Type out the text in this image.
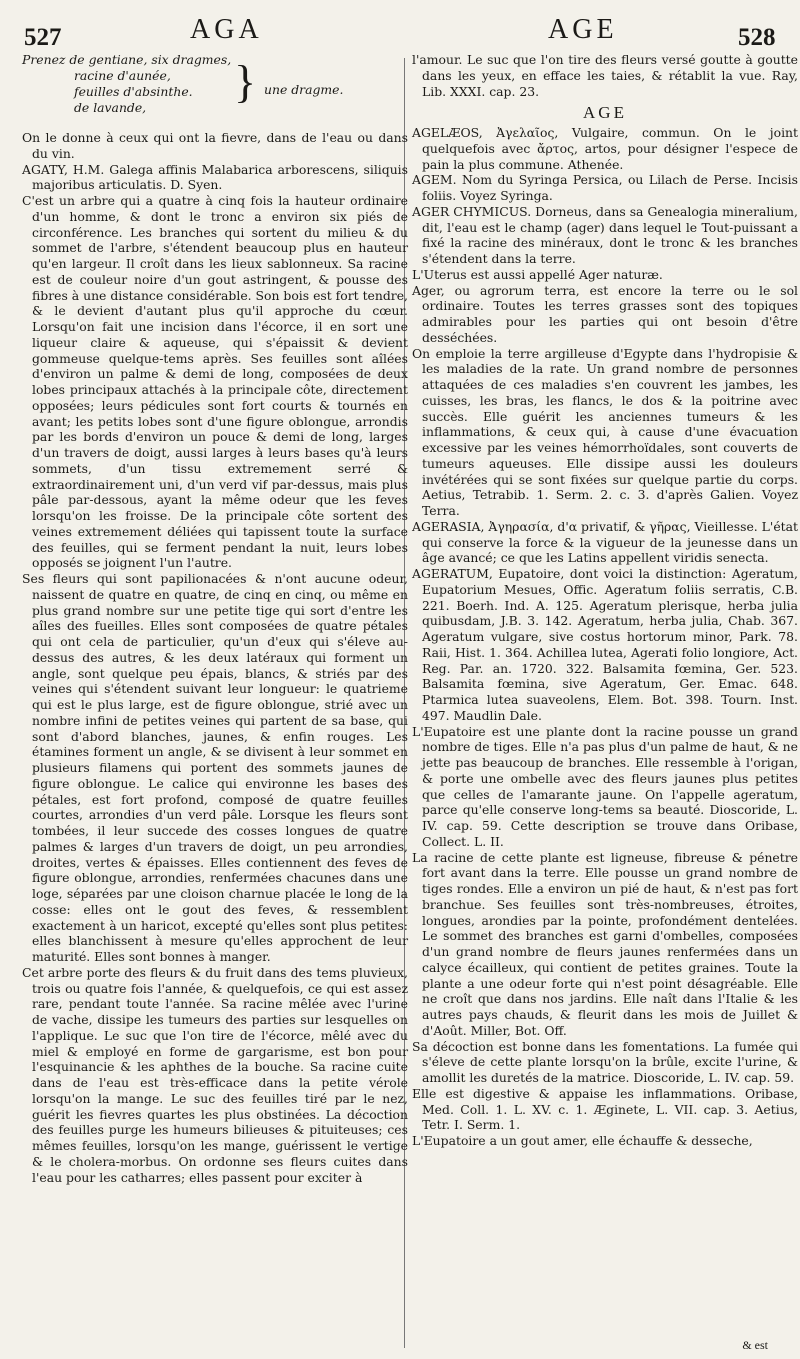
527	AGA	AGE	528
Prenez de gentiane, six dragmes,
racine d'aunée,
feuilles d'absinthe.
de lavande,
} une dragme.

On le donne à ceux qui ont la fievre, dans de l'eau ou dans du vin.

AGATY, H.M. Galega affinis Malabarica arborescens, siliquis majoribus articulatis. D. Syen.

C'est un arbre qui a quatre à cinq fois la hauteur ordinaire d'un homme, & dont le tronc a environ six piés de circonférence. Les branches qui sortent du milieu & du sommet de l'arbre, s'étendent beaucoup plus en hauteur qu'en largeur. Il croît dans les lieux sablonneux. Sa racine est de couleur noire d'un gout astringent, & pousse des fibres à une distance considérable. Son bois est fort tendre, & le devient d'autant plus qu'il approche du cœur. Lorsqu'on fait une incision dans l'écorce, il en sort une liqueur claire & aqueuse, qui s'épaissit & devient gommeuse quelque-tems après. Ses feuilles sont aîlées d'environ un palme & demi de long, composées de deux lobes principaux attachés à la principale côte, directement opposées; leurs pédicules sont fort courts & tournés en avant; les petits lobes sont d'une figure oblongue, arrondis par les bords d'environ un pouce & demi de long, larges d'un travers de doigt, aussi larges à leurs bases qu'à leurs sommets, d'un tissu extremement serré & extraordinairement uni, d'un verd vif par-dessus, mais plus pâle par-dessous, ayant la même odeur que les feves lorsqu'on les froisse. De la principale côte sortent des veines extremement déliées qui tapissent toute la surface des feuilles, qui se ferment pendant la nuit, leurs lobes opposés se joignent l'un l'autre.

Ses fleurs qui sont papilionacées & n'ont aucune odeur, naissent de quatre en quatre, de cinq en cinq, ou même en plus grand nombre sur une petite tige qui sort d'entre les aîles des fueilles. Elles sont composées de quatre pétales qui ont cela de particulier, qu'un d'eux qui s'éleve au-dessus des autres, & les deux latéraux qui forment un angle, sont quelque peu épais, blancs, & striés par des veines qui s'étendent suivant leur longueur: le quatrieme qui est le plus large, est de figure oblongue, strié avec un nombre infini de petites veines qui partent de sa base, qui sont d'abord blanches, jaunes, & enfin rouges. Les étamines forment un angle, & se divisent à leur sommet en plusieurs filamens qui portent des sommets jaunes de figure oblongue. Le calice qui environne les bases des pétales, est fort profond, composé de quatre feuilles courtes, arrondies d'un verd pâle. Lorsque les fleurs sont tombées, il leur succede des cosses longues de quatre palmes & larges d'un travers de doigt, un peu arrondies, droites, vertes & épaisses. Elles contiennent des feves de figure oblongue, arrondies, renfermées chacunes dans une loge, séparées par une cloison charnue placée le long de la cosse: elles ont le gout des feves, & ressemblent exactement à un haricot, excepté qu'elles sont plus petites: elles blanchissent à mesure qu'elles approchent de leur maturité. Elles sont bonnes à manger.

Cet arbre porte des fleurs & du fruit dans des tems pluvieux, trois ou quatre fois l'année, & quelquefois, ce qui est assez rare, pendant toute l'année. Sa racine mêlée avec l'urine de vache, dissipe les tumeurs des parties sur lesquelles on l'applique. Le suc que l'on tire de l'écorce, mêlé avec du miel & employé en forme de gargarisme, est bon pour l'esquinancie & les aphthes de la bouche. Sa racine cuite dans de l'eau est très-efficace dans la petite vérole lorsqu'on la mange. Le suc des feuilles tiré par le nez, guérit les fievres quartes les plus obstinées. La décoction des feuilles purge les humeurs bilieuses & pituiteuses; ces mêmes feuilles, lorsqu'on les mange, guérissent le vertige & le cholera-morbus. On ordonne ses fleurs cuites dans l'eau pour les catharres; elles passent pour exciter à

l'amour. Le suc que l'on tire des fleurs versé goutte à goutte dans les yeux, en efface les taies, & rétablit la vue. Ray, Lib. XXXI. cap. 23.

AGE

AGELÆOS, Ἀγελαῖος, Vulgaire, commun. On le joint quelquefois avec ἄρτος, artos, pour désigner l'espece de pain la plus commune. Athenée.

AGEM. Nom du Syringa Persica, ou Lilach de Perse. Incisis foliis. Voyez Syringa.

AGER CHYMICUS. Dorneus, dans sa Genealogia mineralium, dit, l'eau est le champ (ager) dans lequel le Tout-puissant a fixé la racine des minéraux, dont le tronc & les branches s'étendent dans la terre.

L'Uterus est aussi appellé Ager naturæ.

Ager, ou agrorum terra, est encore la terre ou le sol ordinaire. Toutes les terres grasses sont des topiques admirables pour les parties qui ont besoin d'être desséchées.

On emploie la terre argilleuse d'Egypte dans l'hydropisie & les maladies de la rate. Un grand nombre de personnes attaquées de ces maladies s'en couvrent les jambes, les cuisses, les bras, les flancs, le dos & la poitrine avec succès. Elle guérit les anciennes tumeurs & les inflammations, & ceux qui, à cause d'une évacuation excessive par les veines hémorrhoïdales, sont couverts de tumeurs aqueuses. Elle dissipe aussi les douleurs invétérées qui se sont fixées sur quelque partie du corps. Aetius, Tetrabib. 1. Serm. 2. c. 3. d'après Galien. Voyez Terra.

AGERASIA, Ἀγηρασία, d'α privatif, & γῆρας, Vieillesse. L'état qui conserve la force & la vigueur de la jeunesse dans un âge avancé; ce que les Latins appellent viridis senecta.

AGERATUM, Eupatoire, dont voici la distinction: Ageratum, Eupatorium Mesues, Offic. Ageratum foliis serratis, C.B. 221. Boerh. Ind. A. 125. Ageratum plerisque, herba julia quibusdam, J.B. 3. 142. Ageratum, herba julia, Chab. 367. Ageratum vulgare, sive costus hortorum minor, Park. 78. Raii, Hist. 1. 364. Achillea lutea, Agerati folio longiore, Act. Reg. Par. an. 1720. 322. Balsamita fœmina, Ger. 523. Balsamita fœmina, sive Ageratum, Ger. Emac. 648. Ptarmica lutea suaveolens, Elem. Bot. 398. Tourn. Inst. 497. Maudlin Dale.

L'Eupatoire est une plante dont la racine pousse un grand nombre de tiges. Elle n'a pas plus d'un palme de haut, & ne jette pas beaucoup de branches. Elle ressemble à l'origan, & porte une ombelle avec des fleurs jaunes plus petites que celles de l'amarante jaune. On l'appelle ageratum, parce qu'elle conserve long-tems sa beauté. Dioscoride, L. IV. cap. 59. Cette description se trouve dans Oribase, Collect. L. II.

La racine de cette plante est ligneuse, fibreuse & pénetre fort avant dans la terre. Elle pousse un grand nombre de tiges rondes. Elle a environ un pié de haut, & n'est pas fort branchue. Ses feuilles sont très-nombreuses, étroites, longues, arondies par la pointe, profondément dentelées. Le sommet des branches est garni d'ombelles, composées d'un grand nombre de fleurs jaunes renfermées dans un calyce écailleux, qui contient de petites graines. Toute la plante a une odeur forte qui n'est point désagréable. Elle ne croît que dans nos jardins. Elle naît dans l'Italie & les autres pays chauds, & fleurit dans les mois de Juillet & d'Août. Miller, Bot. Off.

Sa décoction est bonne dans les fomentations. La fumée qui s'éleve de cette plante lorsqu'on la brûle, excite l'urine, & amollit les duretés de la matrice. Dioscoride, L. IV. cap. 59.

Elle est digestive & appaise les inflammations. Oribase, Med. Coll. 1. L. XV. c. 1. Æginete, L. VII. cap. 3. Aetius, Tetr. I. Serm. 1.

L'Eupatoire a un gout amer, elle échauffe & desseche,

& est
